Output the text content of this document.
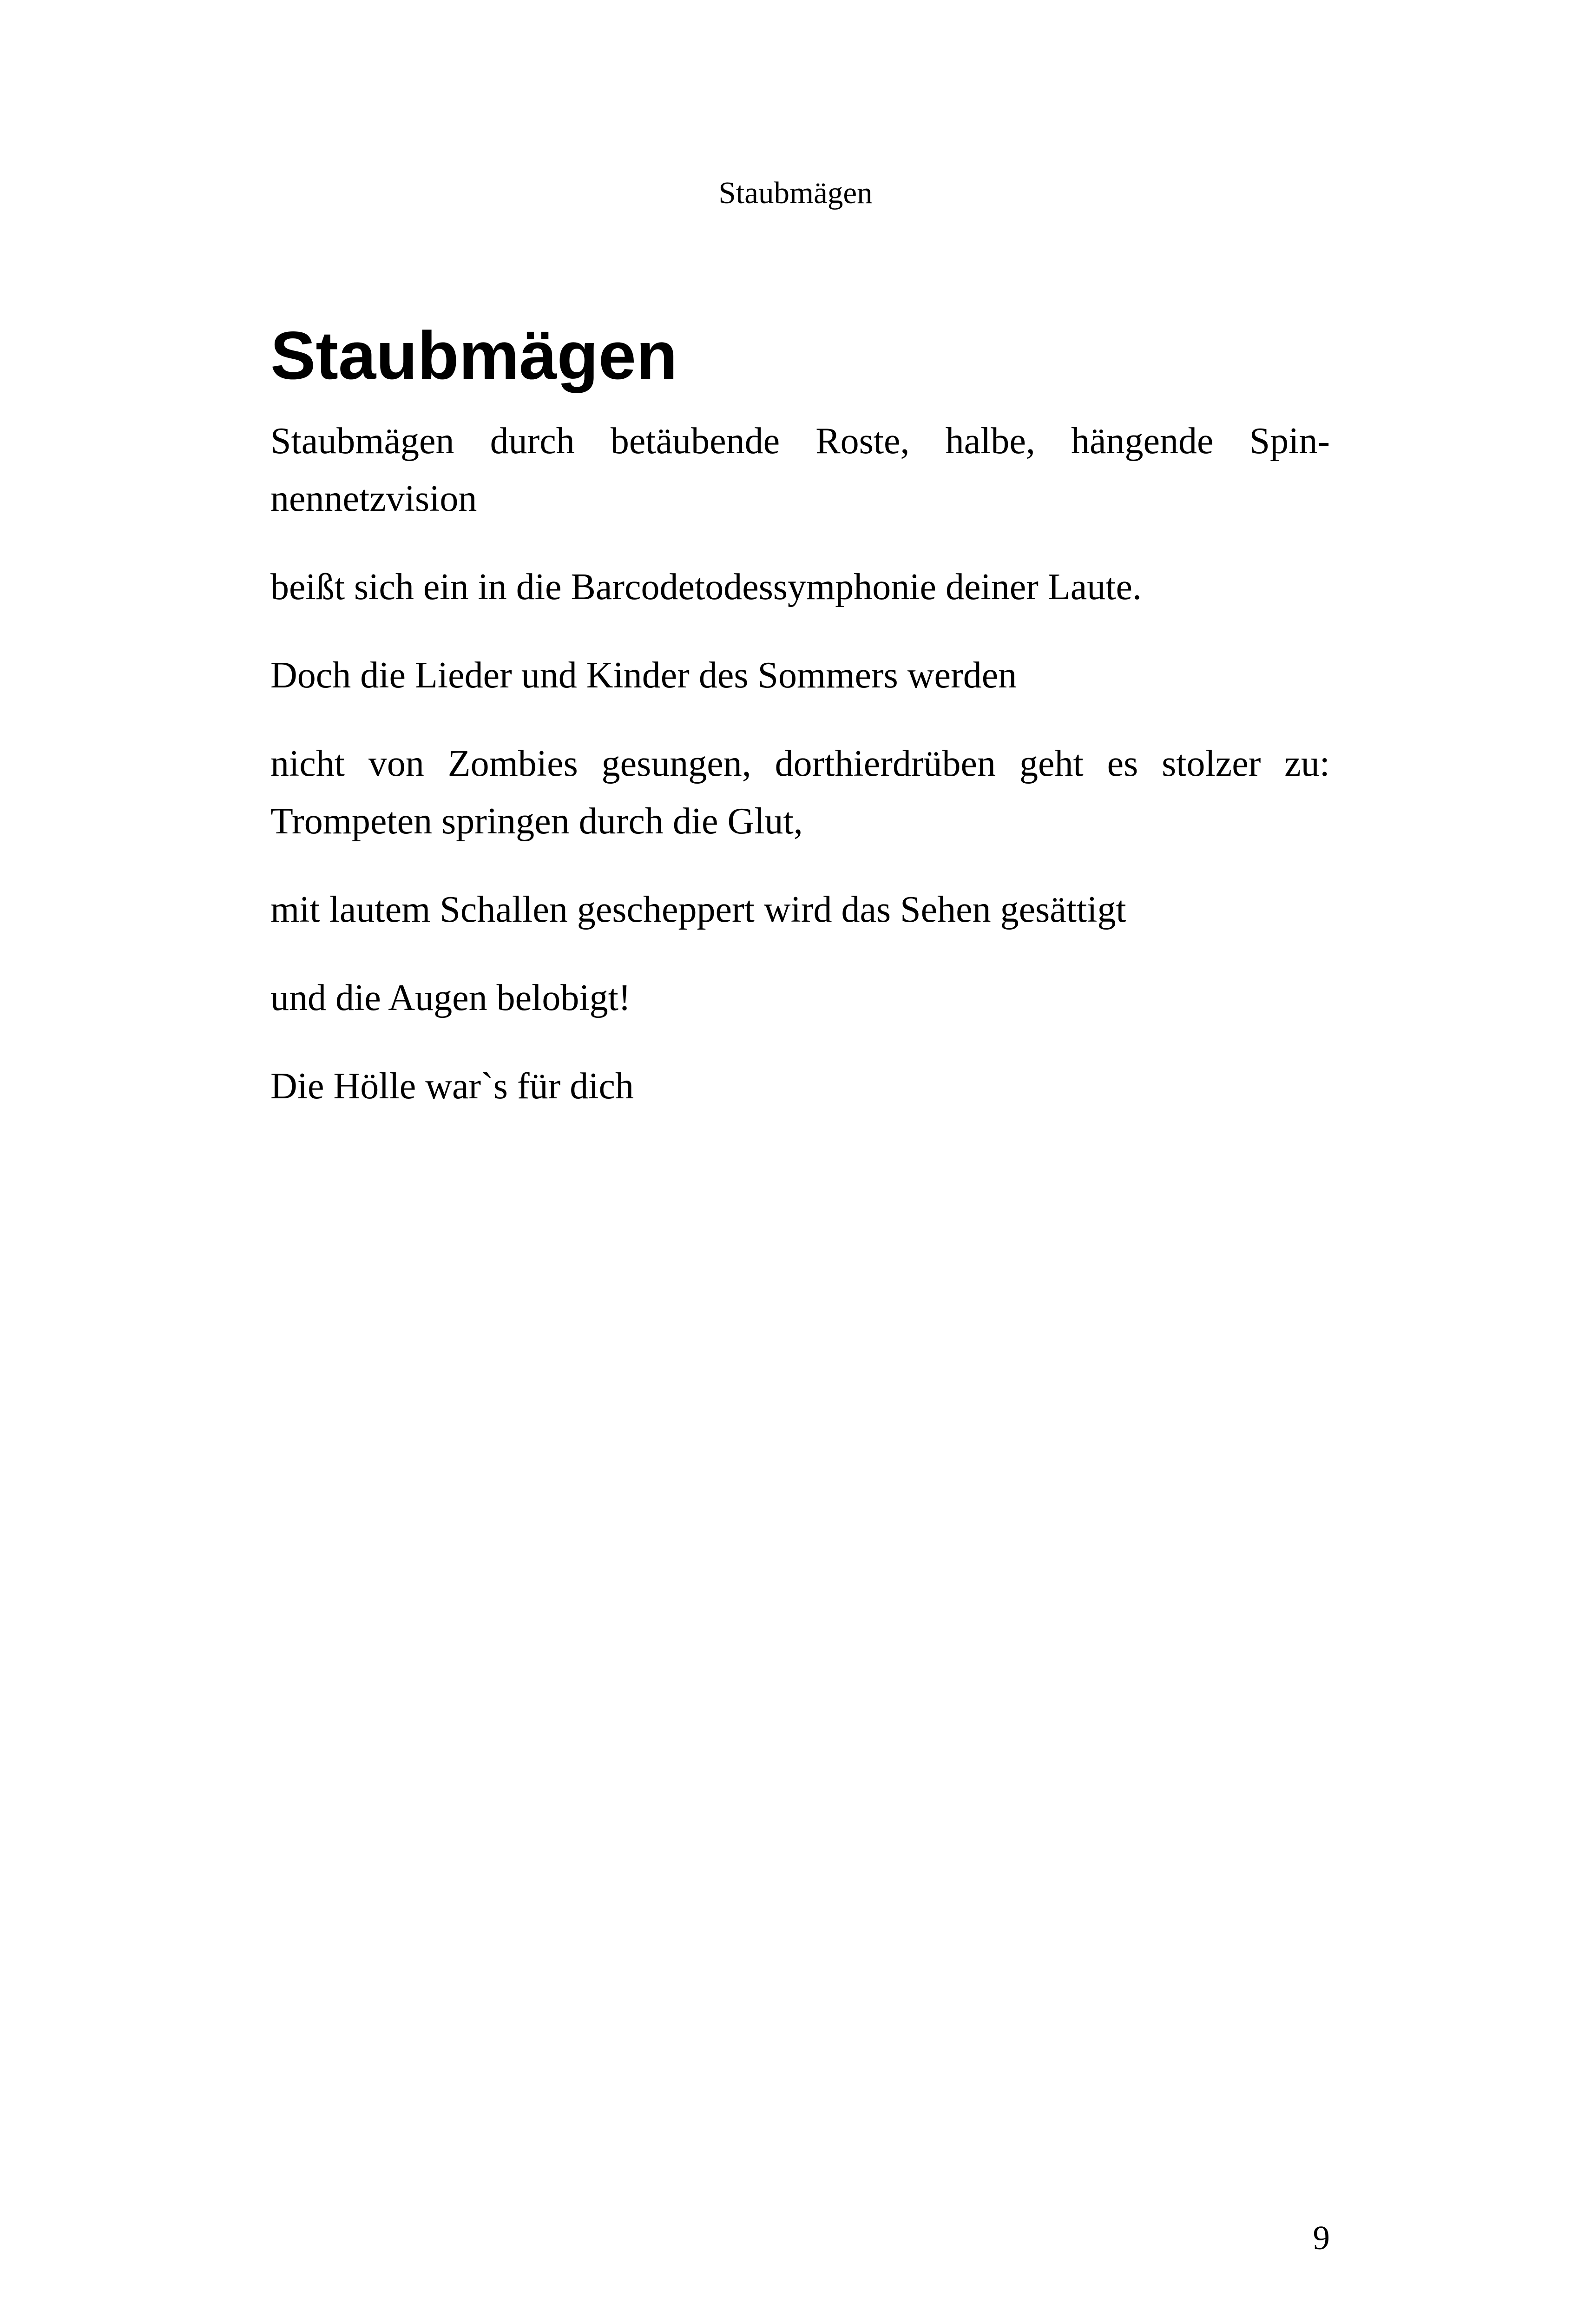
Staubmägen
Staubmägen

Staubmägen durch betäubende Roste, halbe, hängende Spinnennetzvision

beißt sich ein in die Barcodetodessymphonie deiner Laute.

Doch die Lieder und Kinder des Sommers werden

nicht von Zombies gesungen, dorthierdrüben geht es stolzer zu: Trompeten springen durch die Glut,

mit lautem Schallen gescheppert wird das Sehen gesättigt

und die Augen belobigt!

Die Hölle war`s für dich

9
